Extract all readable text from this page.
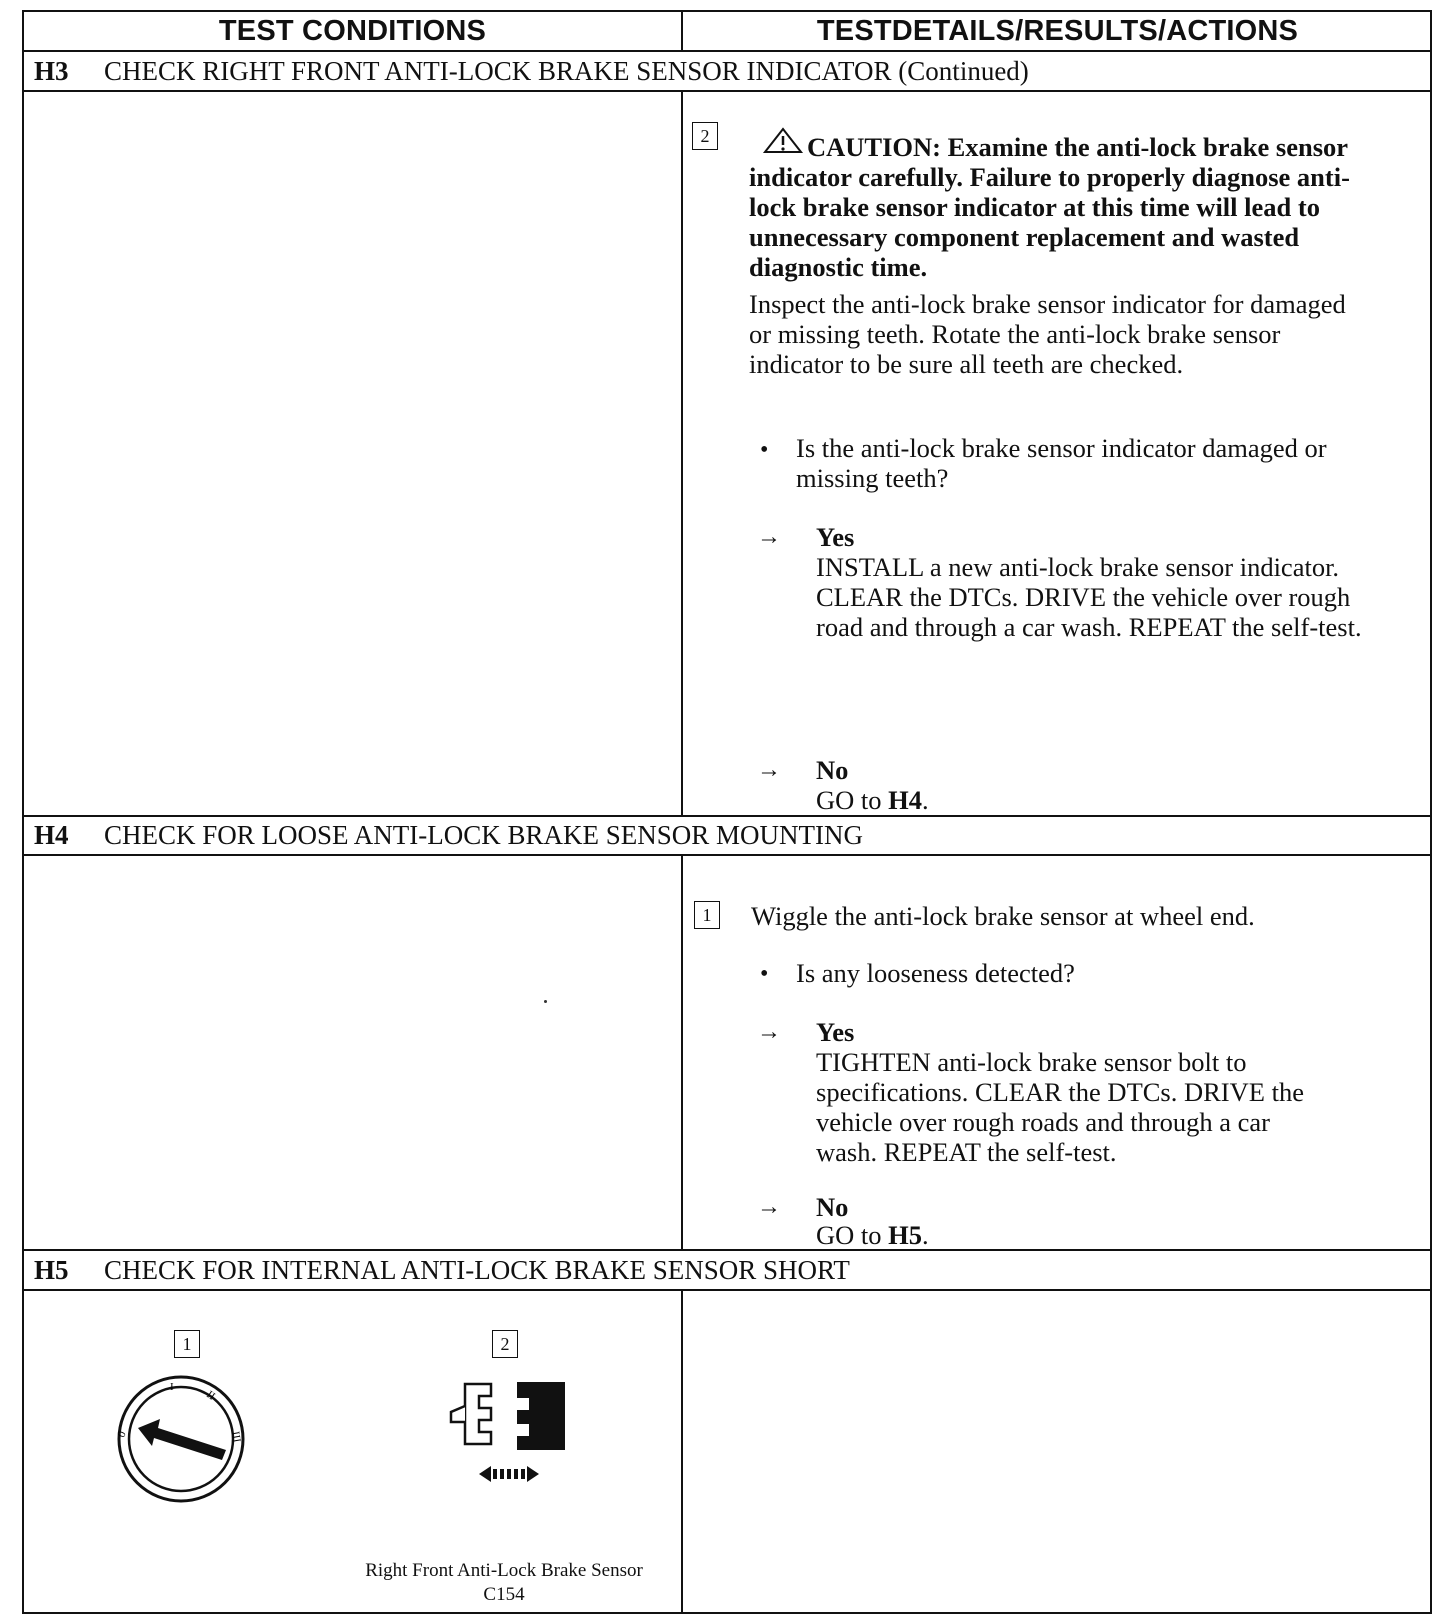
TEST CONDITIONS	TESTDETAILS/RESULTS/ACTIONS
H3 CHECK RIGHT FRONT ANTI-LOCK BRAKE SENSOR INDICATOR (Continued)
2	CAUTION: Examine the anti-lock brake sensor indicator carefully. Failure to properly diagnose anti-lock brake sensor indicator at this time will lead to unnecessary component replacement and wasted diagnostic time.
Inspect the anti-lock brake sensor indicator for damaged or missing teeth. Rotate the anti-lock brake sensor indicator to be sure all teeth are checked.
• Is the anti-lock brake sensor indicator damaged or missing teeth?
→ Yes
INSTALL a new anti-lock brake sensor indicator. CLEAR the DTCs. DRIVE the vehicle over rough road and through a car wash. REPEAT the self-test.
→ No
GO to H4.
H4 CHECK FOR LOOSE ANTI-LOCK BRAKE SENSOR MOUNTING
1	Wiggle the anti-lock brake sensor at wheel end.
• Is any looseness detected?
→ Yes
TIGHTEN anti-lock brake sensor bolt to specifications. CLEAR the DTCs. DRIVE the vehicle over rough roads and through a car wash. REPEAT the self-test.
→ No
GO to H5.
H5 CHECK FOR INTERNAL ANTI-LOCK BRAKE SENSOR SHORT
1
0
I
II
III
2
Right Front Anti-Lock Brake Sensor
C154
